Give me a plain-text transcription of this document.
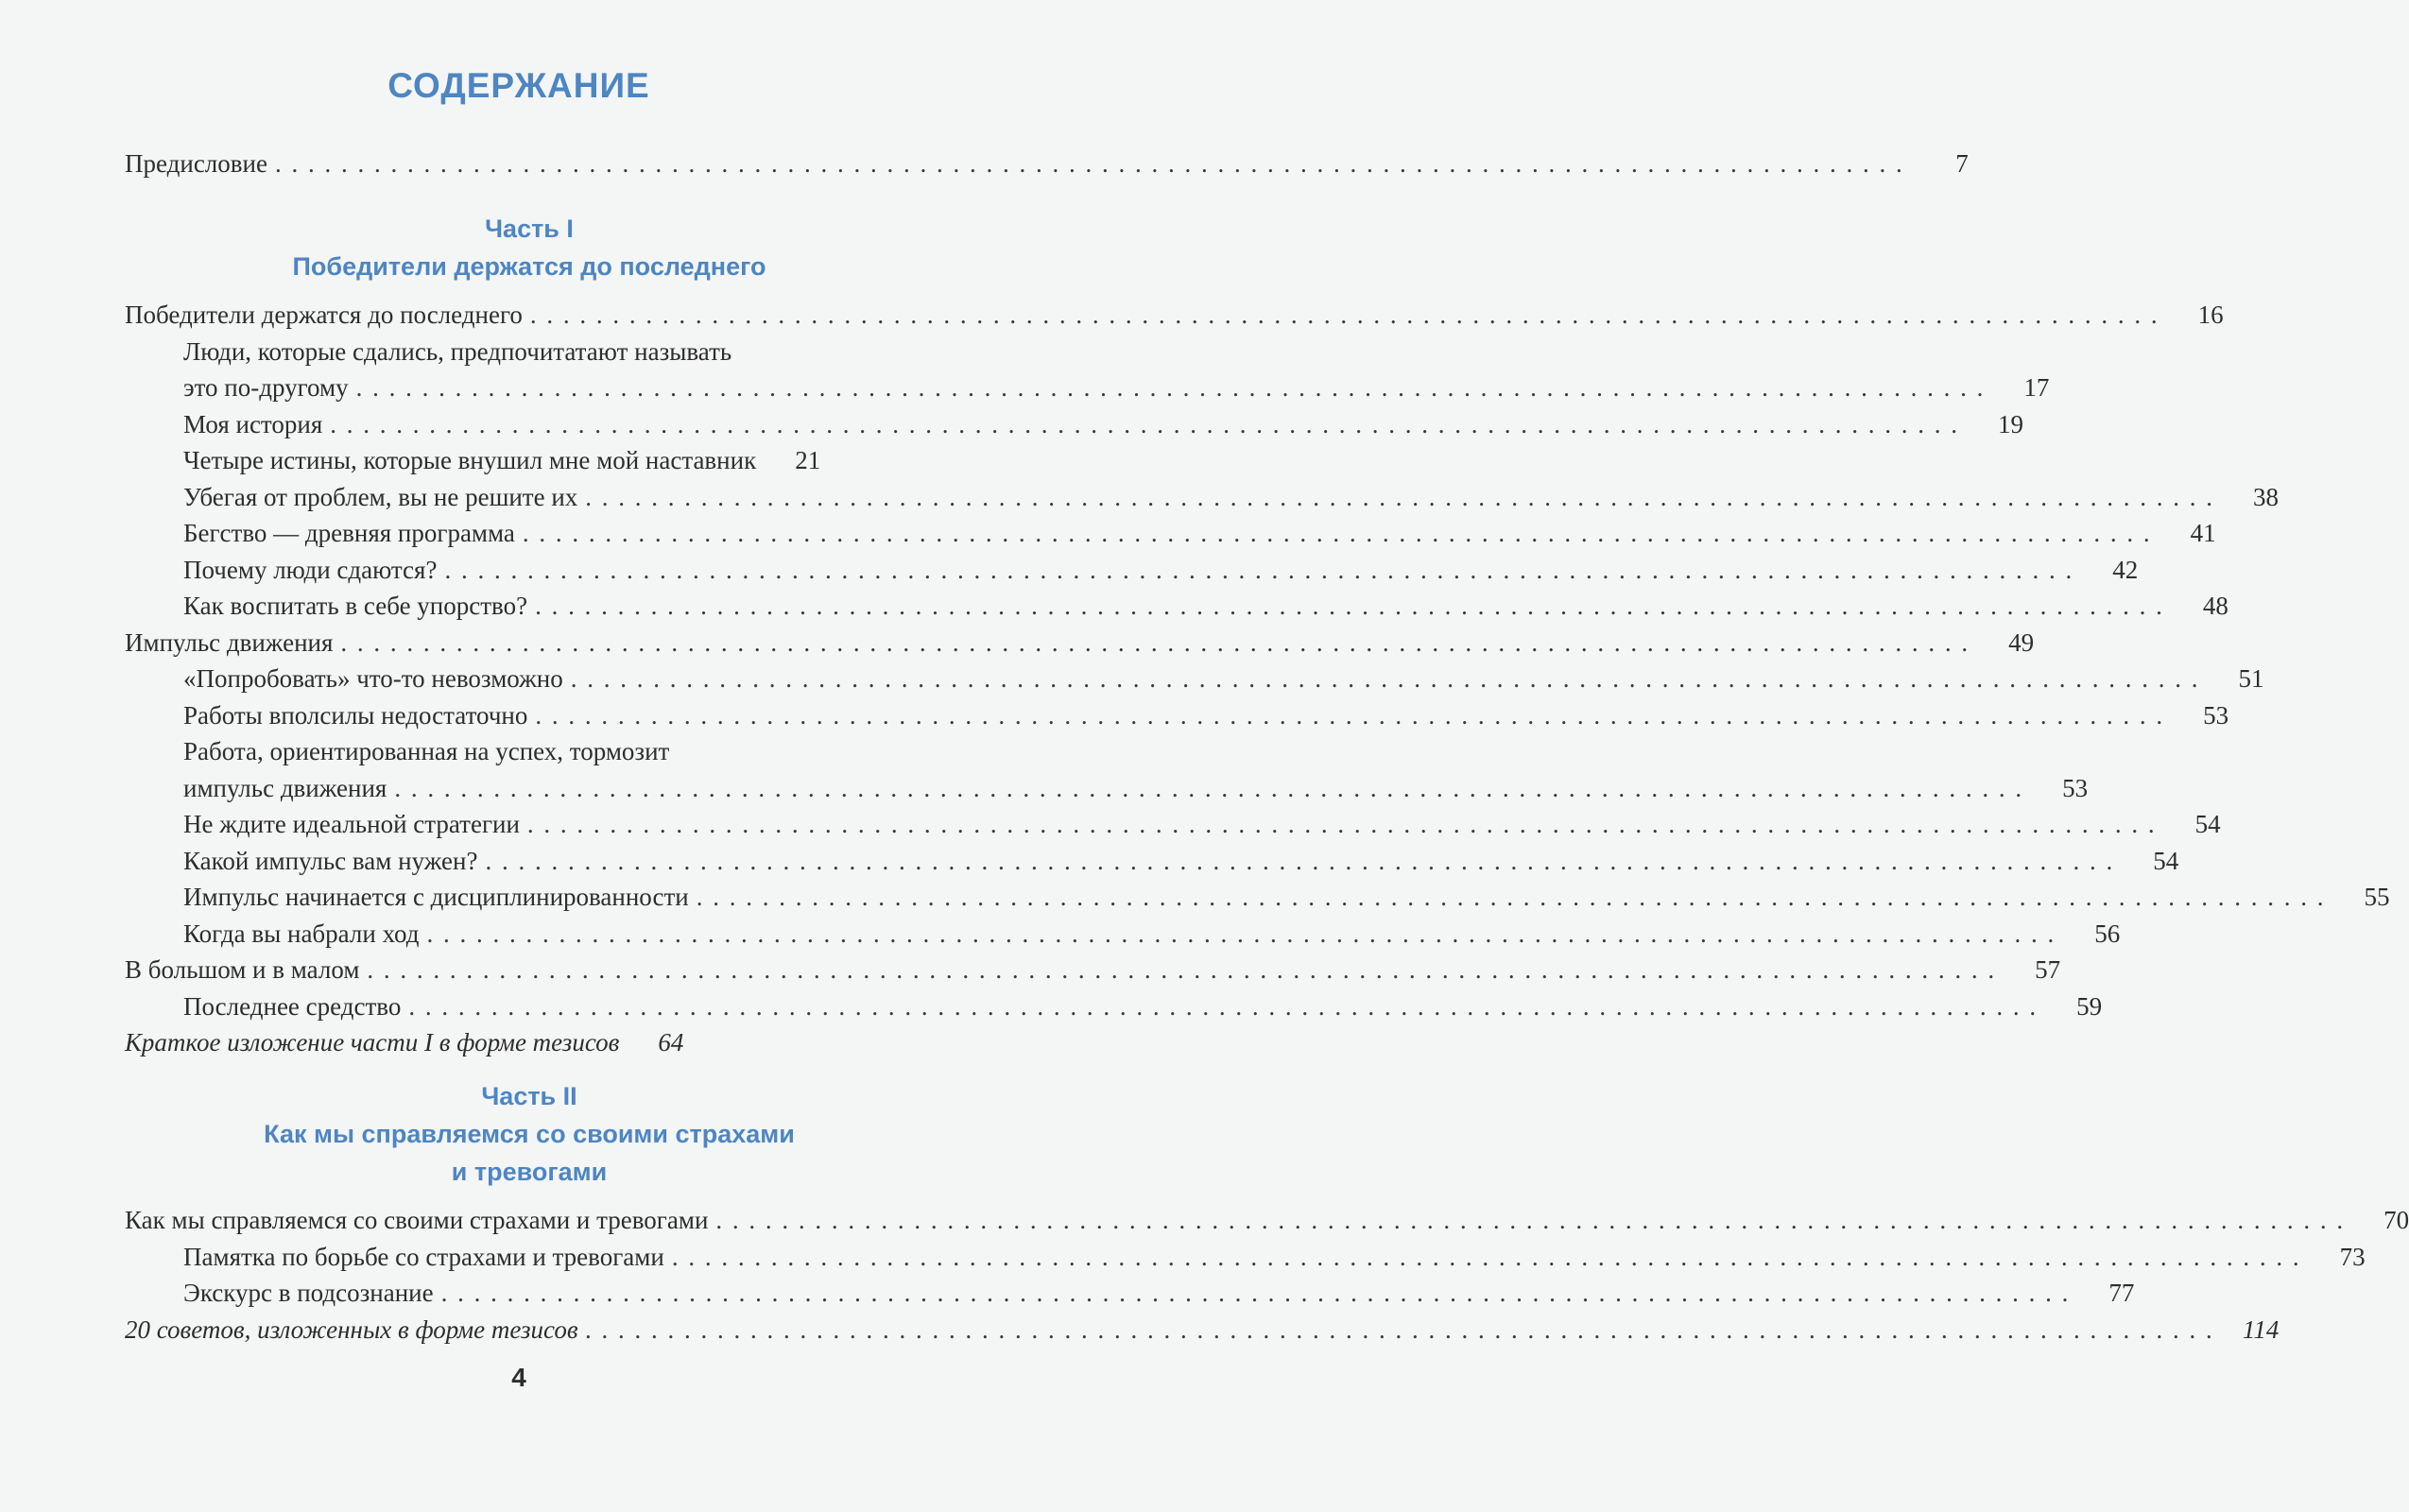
СОДЕРЖАНИЕ
Предисловие . . .	7
Часть I
Победители держатся до последнего
Победители держатся до последнего . . .	16
Люди, которые сдались, предпочитатают называть
это по-другому . . .	17
Моя история . . .	19
Четыре истины, которые внушил мне мой наставник	21
Убегая от проблем, вы не решите их . . .	38
Бегство — древняя программа . . .	41
Почему люди сдаются? . . .	42
Как воспитать в себе упорство? . . .	48
Импульс движения . . .	49
«Попробовать» что-то невозможно . . .	51
Работы вполсилы недостаточно . . .	53
Работа, ориентированная на успех, тормозит
импульс движения . . .	53
Не ждите идеальной стратегии . . .	54
Какой импульс вам нужен? . . .	54
Импульс начинается с дисциплинированности . . .	55
Когда вы набрали ход . . .	56
В большом и в малом . . .	57
Последнее средство . . .	59
Краткое изложение части I в форме тезисов	64
Часть II
Как мы справляемся со своими страхами
и тревогами
Как мы справляемся со своими страхами и тревогами . . .	70
Памятка по борьбе со страхами и тревогами . . .	73
Экскурс в подсознание . . .	77
20 советов, изложенных в форме тезисов . . .	114
4
